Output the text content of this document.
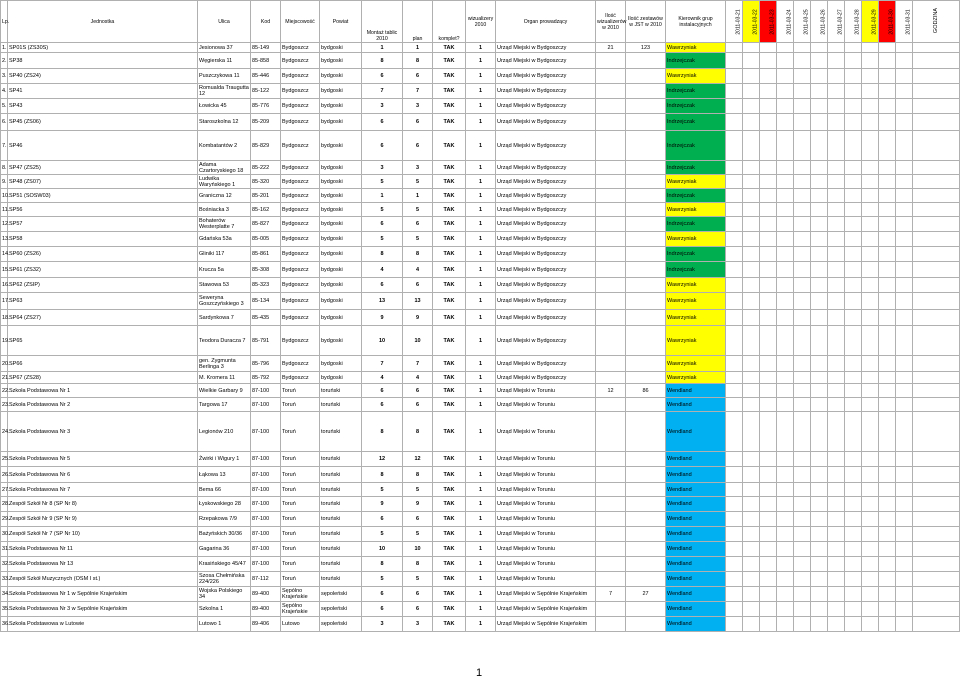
Lp.	Jednostka	Ulica	Kod	Miejscowość	Powiat	Montaż tablic 2010	plan	komplet?	wizualizery 2010	Organ prowadzący	Ilość wizualizerów w 2010	Ilość zestawów w JST w 2010	Kierownik grup instalacyjnych	2011-03-21	2011-03-22	2011-03-23	2011-03-24	2011-03-25	2011-03-26	2011-03-27	2011-03-28	2011-03-29	2011-03-30	2011-03-31	GODZINA
1.	SP01S (ZS30S)	Jesionowa 37	85-149	Bydgoszcz	bydgoski	1	1	TAK	1	Urząd Miejski w Bydgoszczy	21	123	Wawrzyniak												
2.	SP38	Węgierska 11	85-858	Bydgoszcz	bydgoski	8	8	TAK	1	Urząd Miejski w Bydgoszczy			Indrzejczak												
3.	SP40 (ZS24)	Puszczykowa 11	85-446	Bydgoszcz	bydgoski	6	6	TAK	1	Urząd Miejski w Bydgoszczy			Wawrzyniak												
4.	SP41	Romualda Traugutta 12	85-122	Bydgoszcz	bydgoski	7	7	TAK	1	Urząd Miejski w Bydgoszczy			Indrzejczak												
5.	SP43	Łowicka 45	85-776	Bydgoszcz	bydgoski	3	3	TAK	1	Urząd Miejski w Bydgoszczy			Indrzejczak												
6.	SP45 (ZS06)	Staroszkolna 12	85-209	Bydgoszcz	bydgoski	6	6	TAK	1	Urząd Miejski w Bydgoszczy			Indrzejczak												
7.	SP46	Kombatantów 2	85-829	Bydgoszcz	bydgoski	6	6	TAK	1	Urząd Miejski w Bydgoszczy			Indrzejczak												
8.	SP47 (ZS25)	Adama Czartoryskiego 18	85-222	Bydgoszcz	bydgoski	3	3	TAK	1	Urząd Miejski w Bydgoszczy			Indrzejczak												
9.	SP48 (ZS07)	Ludwika Waryńskiego 1	85-320	Bydgoszcz	bydgoski	5	5	TAK	1	Urząd Miejski w Bydgoszczy			Wawrzyniak												
10.	SP51 (SOSW03)	Graniczna 12	85-201	Bydgoszcz	bydgoski	1	1	TAK	1	Urząd Miejski w Bydgoszczy			Indrzejczak												
11.	SP56	Bośniacka 3	85-162	Bydgoszcz	bydgoski	5	5	TAK	1	Urząd Miejski w Bydgoszczy			Wawrzyniak												
12.	SP57	Bohaterów Westerplatte 7	85-827	Bydgoszcz	bydgoski	6	6	TAK	1	Urząd Miejski w Bydgoszczy			Indrzejczak												
13.	SP58	Gdańska 53a	85-005	Bydgoszcz	bydgoski	5	5	TAK	1	Urząd Miejski w Bydgoszczy			Wawrzyniak												
14.	SP60 (ZS26)	Gliniki 117	85-861	Bydgoszcz	bydgoski	8	8	TAK	1	Urząd Miejski w Bydgoszczy			Indrzejczak												
15.	SP61 (ZS32)	Krucza 5a	85-308	Bydgoszcz	bydgoski	4	4	TAK	1	Urząd Miejski w Bydgoszczy			Indrzejczak												
16.	SP62 (ZSIP)	Stawowa 53	85-323	Bydgoszcz	bydgoski	6	6	TAK	1	Urząd Miejski w Bydgoszczy			Wawrzyniak												
17.	SP63	Seweryna Goszczyńskiego 3	85-134	Bydgoszcz	bydgoski	13	13	TAK	1	Urząd Miejski w Bydgoszczy			Wawrzyniak												
18.	SP64 (ZS27)	Sardynkowa 7	85-435	Bydgoszcz	bydgoski	9	9	TAK	1	Urząd Miejski w Bydgoszczy			Wawrzyniak												
19.	SP65	Teodora Duracza 7	85-791	Bydgoszcz	bydgoski	10	10	TAK	1	Urząd Miejski w Bydgoszczy			Wawrzyniak												
20.	SP66	gen. Zygmunta Berlinga 3	85-796	Bydgoszcz	bydgoski	7	7	TAK	1	Urząd Miejski w Bydgoszczy			Wawrzyniak												
21.	SP67 (ZS28)	M. Kromera 11	85-792	Bydgoszcz	bydgoski	4	4	TAK	1	Urząd Miejski w Bydgoszczy			Wawrzyniak												
22.	Szkoła Podstawowa Nr 1	Wielkie Garbary 9	87-100	Toruń	toruński	6	6	TAK	1	Urząd Miejski w Toruniu	12	86	Wendland												
23.	Szkoła Podstawowa Nr 2	Targowa 17	87-100	Toruń	toruński	6	6	TAK	1	Urząd Miejski w Toruniu			Wendland												
24.	Szkoła Podstawowa Nr 3	Legionów 210	87-100	Toruń	toruński	8	8	TAK	1	Urząd Miejski w Toruniu			Wendland												
25.	Szkoła Podstawowa Nr 5	Żwirki i Wigury 1	87-100	Toruń	toruński	12	12	TAK	1	Urząd Miejski w Toruniu			Wendland												
26.	Szkoła Podstawowa Nr 6	Łąkowa 13	87-100	Toruń	toruński	8	8	TAK	1	Urząd Miejski w Toruniu			Wendland												
27.	Szkoła Podstawowa Nr 7	Bema 66	87-100	Toruń	toruński	5	5	TAK	1	Urząd Miejski w Toruniu			Wendland												
28.	Zespół Szkół Nr 8 (SP Nr 8)	Łyskowskiego 28	87-100	Toruń	toruński	9	9	TAK	1	Urząd Miejski w Toruniu			Wendland												
29.	Zespół Szkół Nr 9 (SP Nr 9)	Rzepakowa 7/9	87-100	Toruń	toruński	6	6	TAK	1	Urząd Miejski w Toruniu			Wendland												
30.	Zespół Szkół Nr 7 (SP Nr 10)	Bażyńskich 30/36	87-100	Toruń	toruński	5	5	TAK	1	Urząd Miejski w Toruniu			Wendland												
31.	Szkoła Podstawowa Nr 11	Gagarina 36	87-100	Toruń	toruński	10	10	TAK	1	Urząd Miejski w Toruniu			Wendland												
32.	Szkoła Podstawowa Nr 13	Krasińskiego 45/47	87-100	Toruń	toruński	8	8	TAK	1	Urząd Miejski w Toruniu			Wendland												
33.	Zespół Szkół Muzycznych (OSM I st.)	Szosa Chełmińska 224/226	87-112	Toruń	toruński	5	5	TAK	1	Urząd Miejski w Toruniu			Wendland												
34.	Szkoła Podstawowa Nr 1 w Sępólnie Krajeńskim	Wojska Polskiego 34	89-400	Sępólno Krajeńskie	sępoleński	6	6	TAK	1	Urząd Miejski w Sępólnie Krajeńskim	7	27	Wendland												
35.	Szkoła Podstawowa Nr 3 w Sępólnie Krajeńskim	Szkolna 1	89-400	Sępólno Krajeńskie	sępoleński	6	6	TAK	1	Urząd Miejski w Sępólnie Krajeńskim			Wendland												
36.	Szkoła Podstawowa w Lutowie	Lutowo 1	89-406	Lutowo	sępoleński	3	3	TAK	1	Urząd Miejski w Sępólnie Krajeńskim			Wendland												
1
